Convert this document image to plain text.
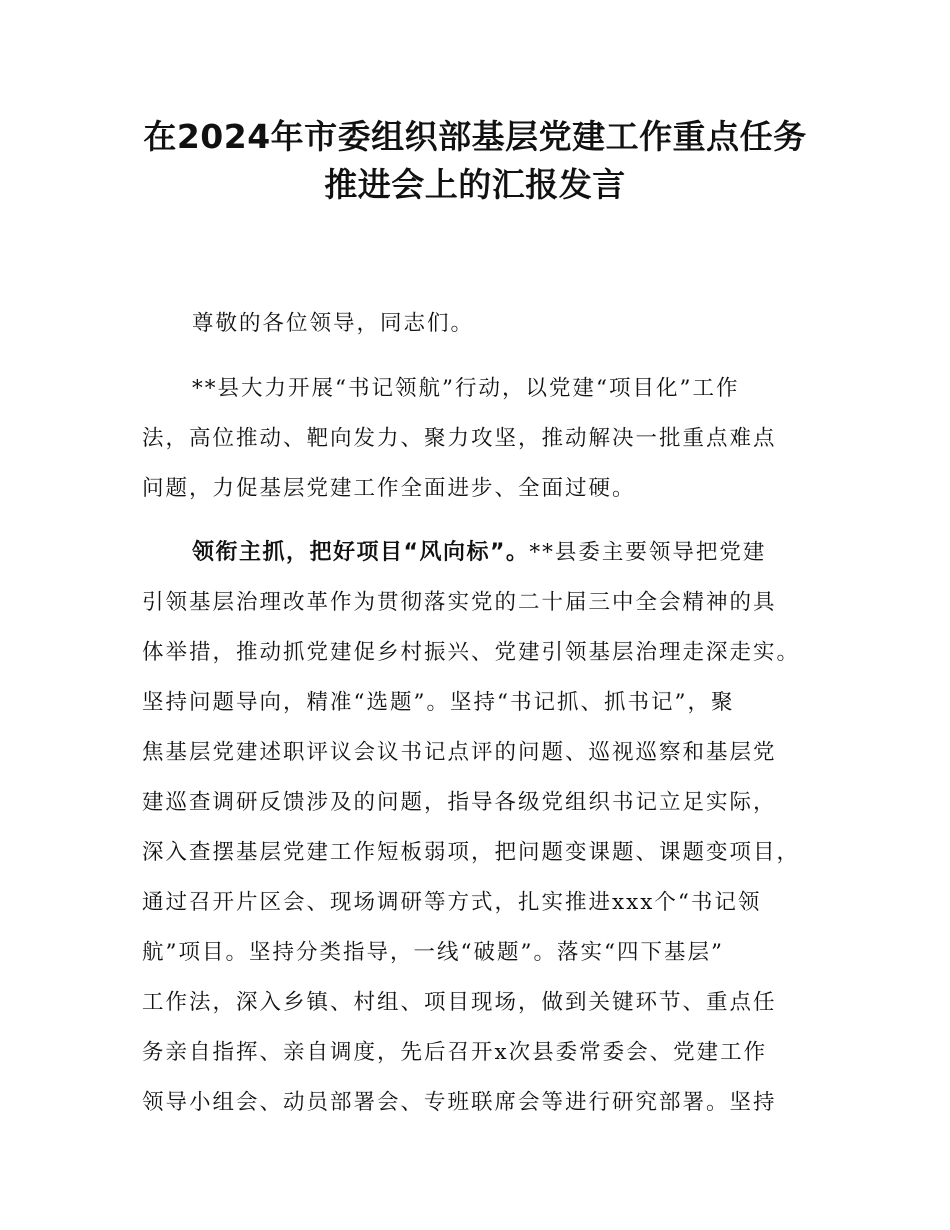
在2024年市委组织部基层党建工作重点任务
推进会上的汇报发言

尊敬的各位领导，同志们。

**县大力开展“书记领航”行动，以党建“项目化”工作

法，高位推动、靶向发力、聚力攻坚，推动解决一批重点难点

问题，力促基层党建工作全面进步、全面过硬。

领衔主抓，把好项目“风向标”。**县委主要领导把党建

引领基层治理改革作为贯彻落实党的二十届三中全会精神的具

体举措，推动抓党建促乡村振兴、党建引领基层治理走深走实。

坚持问题导向，精准“选题”。坚持“书记抓、抓书记”，聚

焦基层党建述职评议会议书记点评的问题、巡视巡察和基层党

建巡查调研反馈涉及的问题，指导各级党组织书记立足实际，

深入查摆基层党建工作短板弱项，把问题变课题、课题变项目，

通过召开片区会、现场调研等方式，扎实推进xxx个“书记领

航”项目。坚持分类指导，一线“破题”。落实“四下基层”

工作法，深入乡镇、村组、项目现场，做到关键环节、重点任

务亲自指挥、亲自调度，先后召开x次县委常委会、党建工作

领导小组会、动员部署会、专班联席会等进行研究部署。坚持
